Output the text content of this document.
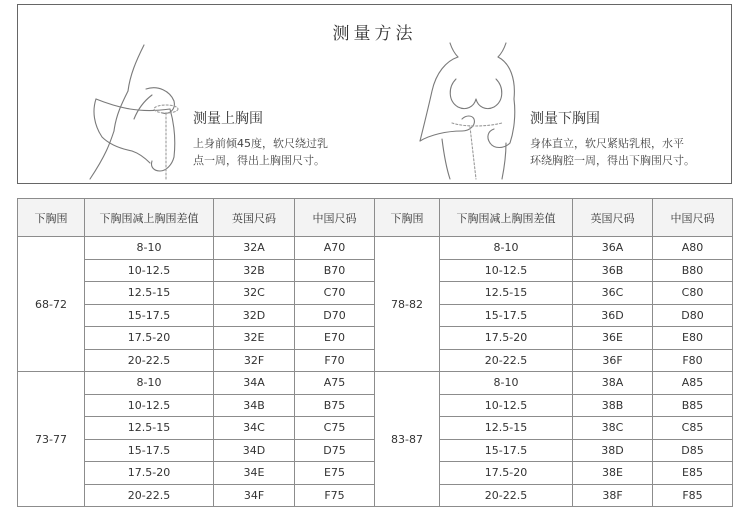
测量方法
测量上胸围
上身前倾45度，软尺绕过乳
点一周，得出上胸围尺寸。
测量下胸围
身体直立，软尺紧贴乳根，水平
环绕胸腔一周，得出下胸围尺寸。
下胸围	下胸围减上胸围差值	英国尺码	中国尺码	下胸围	下胸围减上胸围差值	英国尺码	中国尺码
68-72	8-10	32A	A70	78-82	8-10	36A	A80
	10-12.5	32B	B70		10-12.5	36B	B80
	12.5-15	32C	C70		12.5-15	36C	C80
	15-17.5	32D	D70		15-17.5	36D	D80
	17.5-20	32E	E70		17.5-20	36E	E80
	20-22.5	32F	F70		20-22.5	36F	F80
73-77	8-10	34A	A75	83-87	8-10	38A	A85
	10-12.5	34B	B75		10-12.5	38B	B85
	12.5-15	34C	C75		12.5-15	38C	C85
	15-17.5	34D	D75		15-17.5	38D	D85
	17.5-20	34E	E75		17.5-20	38E	E85
	20-22.5	34F	F75		20-22.5	38F	F85
